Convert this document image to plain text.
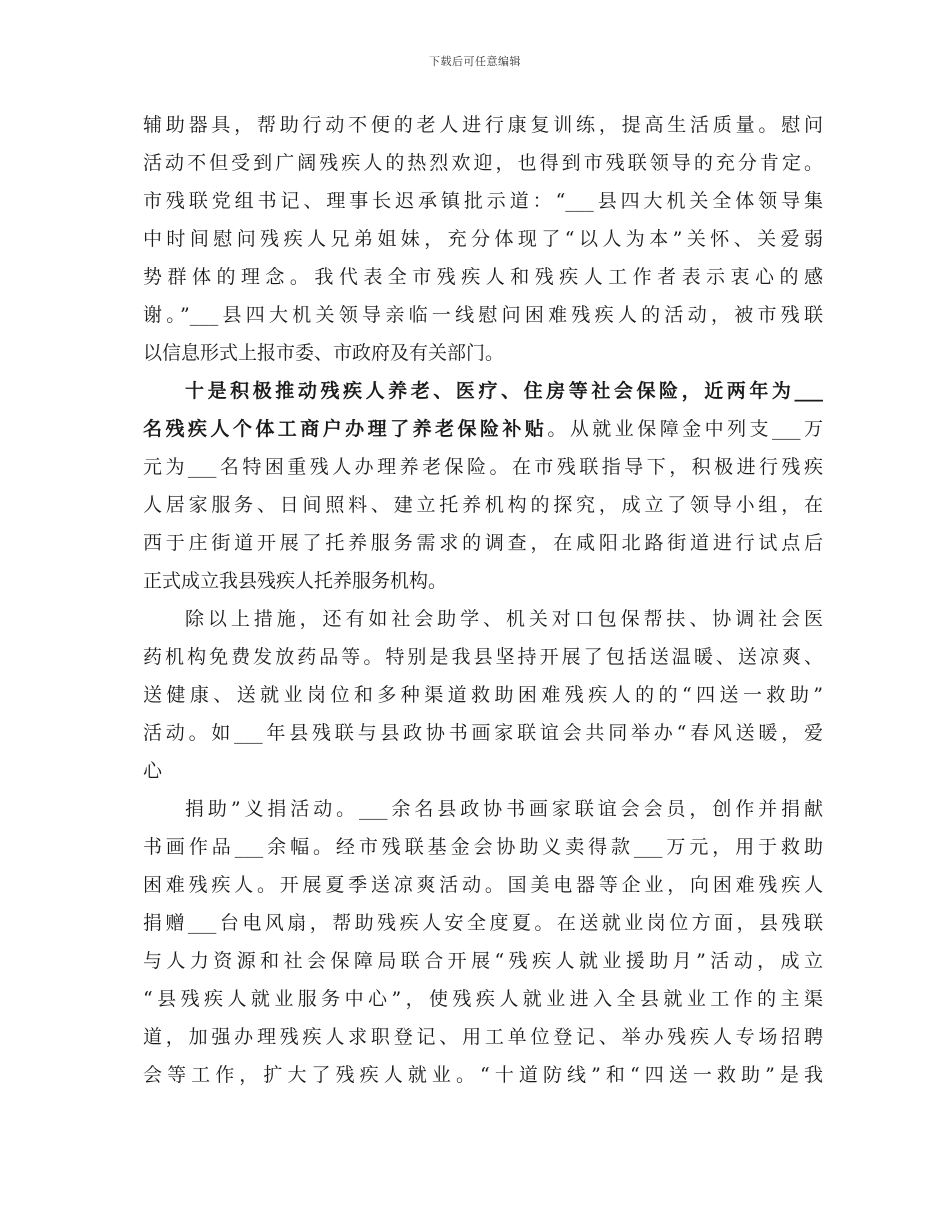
下载后可任意编辑
辅助器具，帮助行动不便的老人进行康复训练，提高生活质量。慰问
活动不但受到广阔残疾人的热烈欢迎，也得到市残联领导的充分肯定。
市残联党组书记、理事长迟承镇批示道：“___县四大机关全体领导集
中时间慰问残疾人兄弟姐妹，充分体现了“以人为本”关怀、关爱弱
势群体的理念。我代表全市残疾人和残疾人工作者表示衷心的感
谢。”___县四大机关领导亲临一线慰问困难残疾人的活动，被市残联
以信息形式上报市委、市政府及有关部门。
十是积极推动残疾人养老、医疗、住房等社会保险，近两年为___
名残疾人个体工商户办理了养老保险补贴。从就业保障金中列支___万
元为___名特困重残人办理养老保险。在市残联指导下，积极进行残疾
人居家服务、日间照料、建立托养机构的探究，成立了领导小组，在
西于庄街道开展了托养服务需求的调查，在咸阳北路街道进行试点后
正式成立我县残疾人托养服务机构。
除以上措施，还有如社会助学、机关对口包保帮扶、协调社会医
药机构免费发放药品等。特别是我县坚持开展了包括送温暖、送凉爽、
送健康、送就业岗位和多种渠道救助困难残疾人的的“四送一救助”
活动。如___年县残联与县政协书画家联谊会共同举办“春风送暖，爱
心
捐助”义捐活动。___余名县政协书画家联谊会会员，创作并捐献
书画作品___余幅。经市残联基金会协助义卖得款___万元，用于救助
困难残疾人。开展夏季送凉爽活动。国美电器等企业，向困难残疾人
捐赠___台电风扇，帮助残疾人安全度夏。在送就业岗位方面，县残联
与人力资源和社会保障局联合开展“残疾人就业援助月”活动，成立
“县残疾人就业服务中心”，使残疾人就业进入全县就业工作的主渠
道，加强办理残疾人求职登记、用工单位登记、举办残疾人专场招聘
会等工作，扩大了残疾人就业。“十道防线”和“四送一救助”是我
